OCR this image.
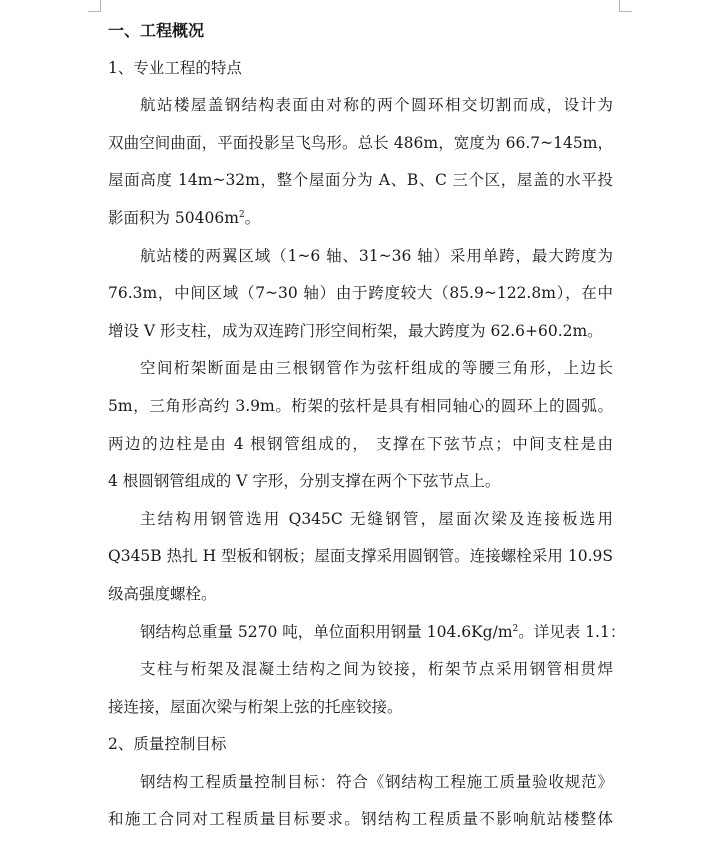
一、工程概况
1、专业工程的特点
航站楼屋盖钢结构表面由对称的两个圆环相交切割而成，设计为
双曲空间曲面，平面投影呈飞鸟形。总长 486m，宽度为 66.7~145m，
屋面高度 14m~32m，整个屋面分为 A、B、C 三个区，屋盖的水平投
影面积为 $50406m^2$。
航站楼的两翼区域（1~6 轴、31~36 轴）采用单跨，最大跨度为
76.3m，中间区域（7~30 轴）由于跨度较大（85.9~122.8m），在中
增设 V 形支柱，成为双连跨门形空间桁架，最大跨度为 62.6+60.2m。
空间桁架断面是由三根钢管作为弦杆组成的等腰三角形，上边长
5m，三角形高约 3.9m。桁架的弦杆是具有相同轴心的圆环上的圆弧。
两边的边柱是由 4 根钢管组成的， 支撑在下弦节点；中间支柱是由
4 根圆钢管组成的 V 字形，分别支撑在两个下弦节点上。
主结构用钢管选用 Q345C 无缝钢管，屋面次梁及连接板选用
Q345B 热扎 H 型板和钢板；屋面支撑采用圆钢管。连接螺栓采用 10.9S
级高强度螺栓。
钢结构总重量 5270 吨，单位面积用钢量 $104.6Kg/m^2$。详见表 1.1：
支柱与桁架及混凝土结构之间为铰接，桁架节点采用钢管相贯焊
接连接，屋面次梁与桁架上弦的托座铰接。
2、质量控制目标
钢结构工程质量控制目标：符合《钢结构工程施工质量验收规范》
和施工合同对工程质量目标要求。钢结构工程质量不影响航站楼整体
